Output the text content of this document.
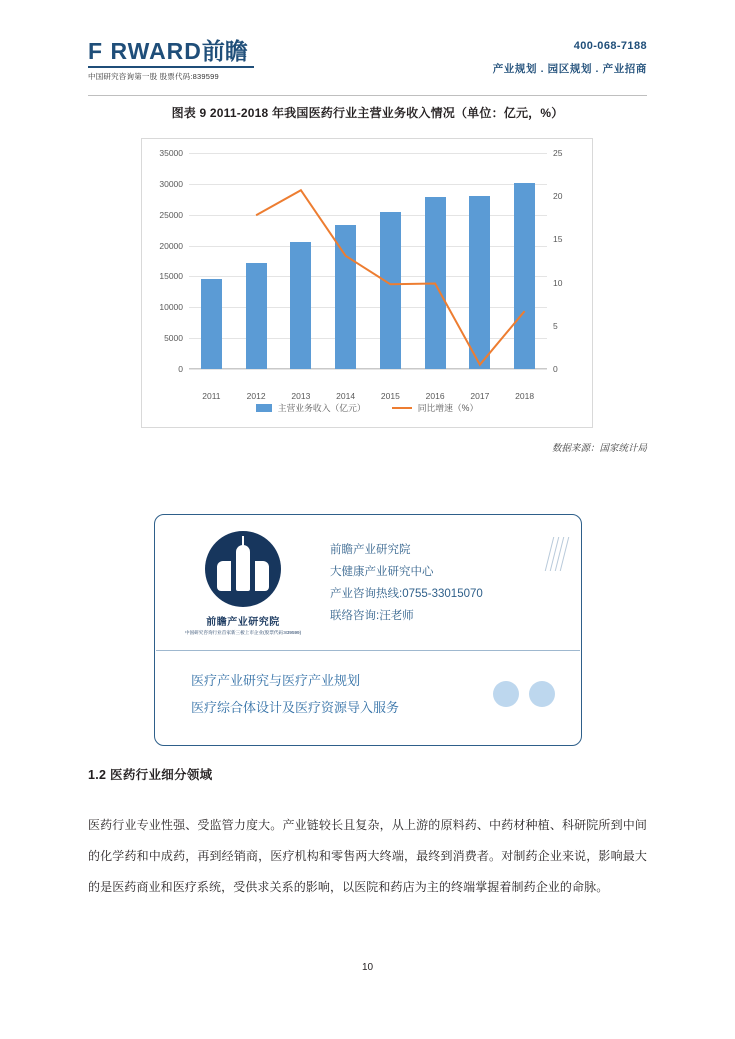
F RWARD前瞻
中国研究咨询第一股 股票代码:839599
400-068-7188
产业规划 . 园区规划 . 产业招商
图表 9 2011-2018 年我国医药行业主营业务收入情况（单位：亿元，%）
0
5000
10000
15000
20000
25000
30000
35000
0
5
10
15
20
25
2011	2012	2013	2014	2015	2016	2017	2018
主营业务收入（亿元）	同比增速（%）
数据来源：国家统计局
前瞻产业研究院
中国研究咨询行业首家新三板上市企业(股票代码:839599)
前瞻产业研究院
大健康产业研究中心
产业咨询热线:0755-33015070
联络咨询:汪老师
医疗产业研究与医疗产业规划
医疗综合体设计及医疗资源导入服务
1.2 医药行业细分领域
医药行业专业性强、受监管力度大。产业链较长且复杂，从上游的原料药、中药材种植、科研院所到中间的化学药和中成药，再到经销商，医疗机构和零售两大终端，最终到消费者。对制药企业来说，影响最大的是医药商业和医疗系统，受供求关系的影响，以医院和药店为主的终端掌握着制药企业的命脉。
10
